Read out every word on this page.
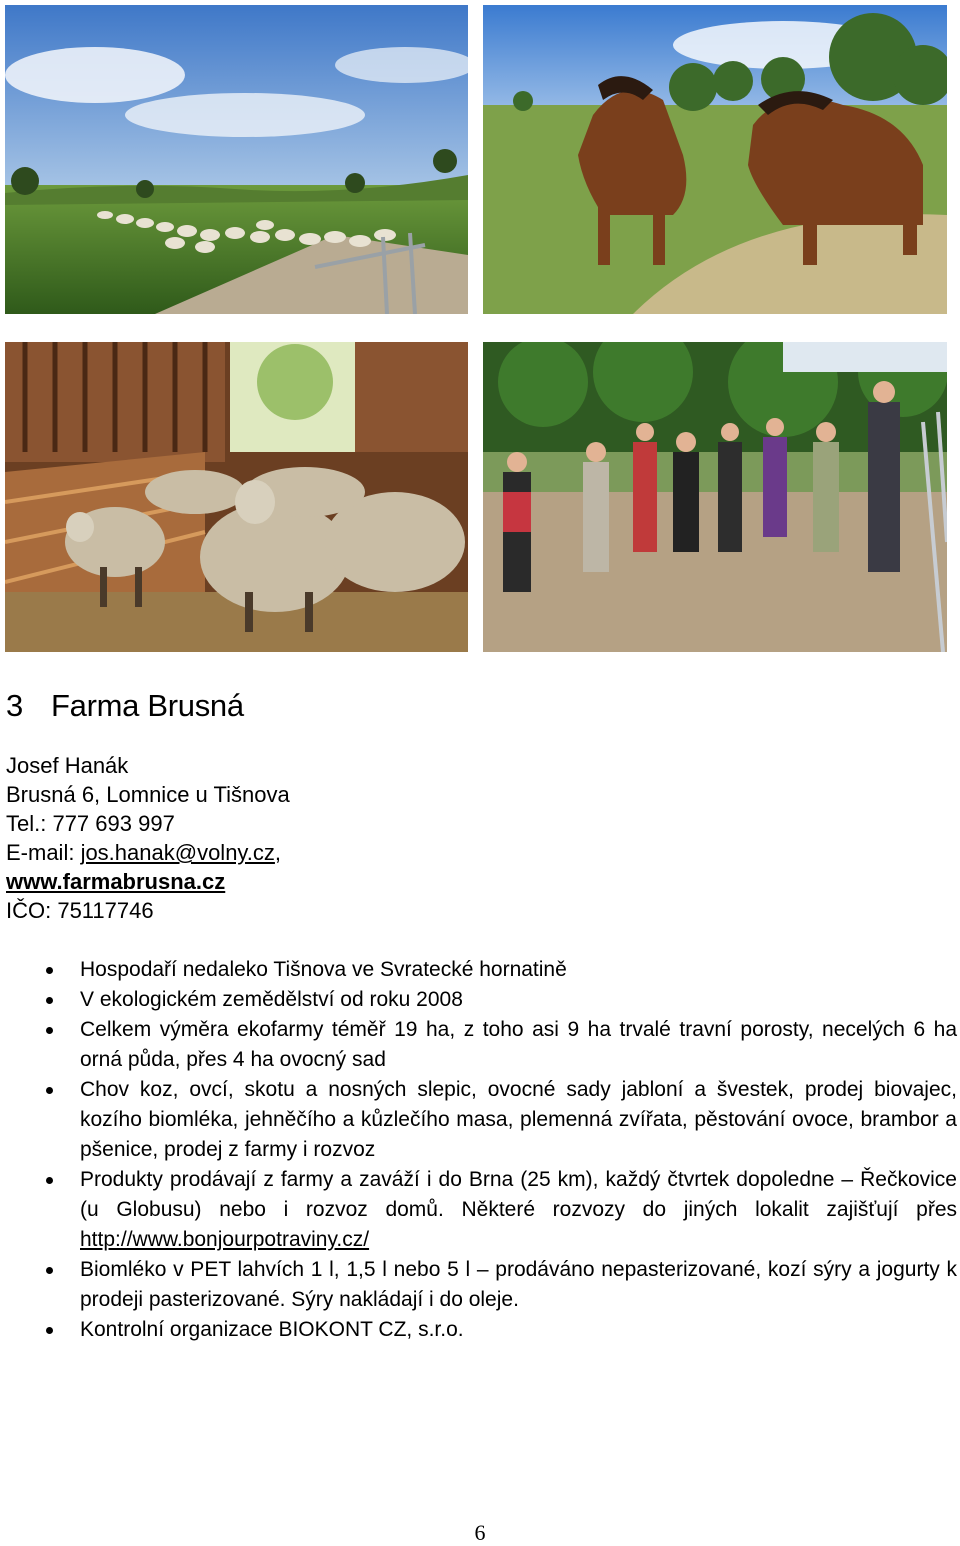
3 Farma Brusná
Josef Hanák
Brusná 6, Lomnice u Tišnova
Tel.: 777 693 997
E-mail: jos.hanak@volny.cz,
www.farmabrusna.cz
IČO: 75117746
Hospodaří nedaleko Tišnova ve Svratecké hornatině
V ekologickém zemědělství od roku 2008
Celkem výměra ekofarmy téměř 19 ha, z toho asi 9 ha trvalé travní porosty, necelých 6 ha orná půda, přes 4 ha ovocný sad
Chov koz, ovcí, skotu a nosných slepic, ovocné sady jabloní a švestek, prodej biovajec, kozího biomléka, jehněčího a kůzlečího masa, plemenná zvířata, pěstování ovoce, brambor a pšenice, prodej z farmy i rozvoz
Produkty prodávají z farmy a zaváží i do Brna (25 km), každý čtvrtek dopoledne – Řečkovice (u Globusu) nebo i rozvoz domů. Některé rozvozy do jiných lokalit zajišťují přes http://www.bonjourpotraviny.cz/
Biomléko v PET lahvích 1 l, 1,5 l nebo 5 l – prodáváno nepasterizované, kozí sýry a jogurty k prodeji pasterizované. Sýry nakládají i do oleje.
Kontrolní organizace BIOKONT CZ, s.r.o.
6
